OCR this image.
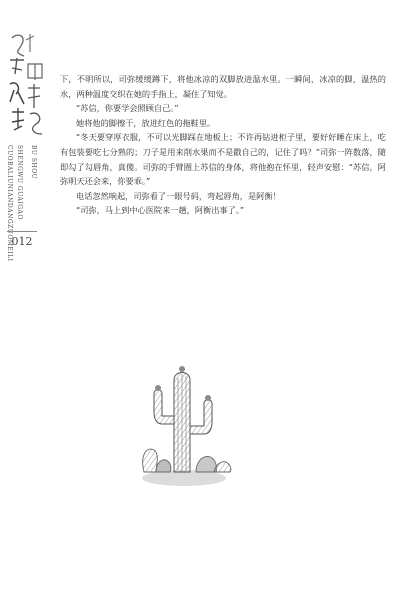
CUOBALIUNIANDANGZUOMEILI SHENGWU GUAIGAO BU SHOU
012

下，不明所以，司弥缓缓蹲下，将他冰凉的双脚放进温水里。一瞬间，冰凉的脚，温热的水，两种温度交织在她的手指上，凝住了知觉。

“苏信，你要学会照顾自己。”

她将他的脚擦干，放进红色的拖鞋里。

“冬天要穿厚衣服，不可以光脚踩在地板上；不许再钻进柜子里，要好好睡在床上，吃有包装要吃七分熟的；刀子是用来削水果而不是戳自己的，记住了吗？”司弥一阵数落，随即勾了勾唇角，真傻。司弥的手臂圈上苏信的身体，将他抱在怀里，轻声安慰：“苏信，阿弥明天还会来，你要乖。”

电话忽然响起，司弥看了一眼号码，弯起唇角，是阿衡！

“司弥，马上到中心医院来一趟，阿衡出事了。”
